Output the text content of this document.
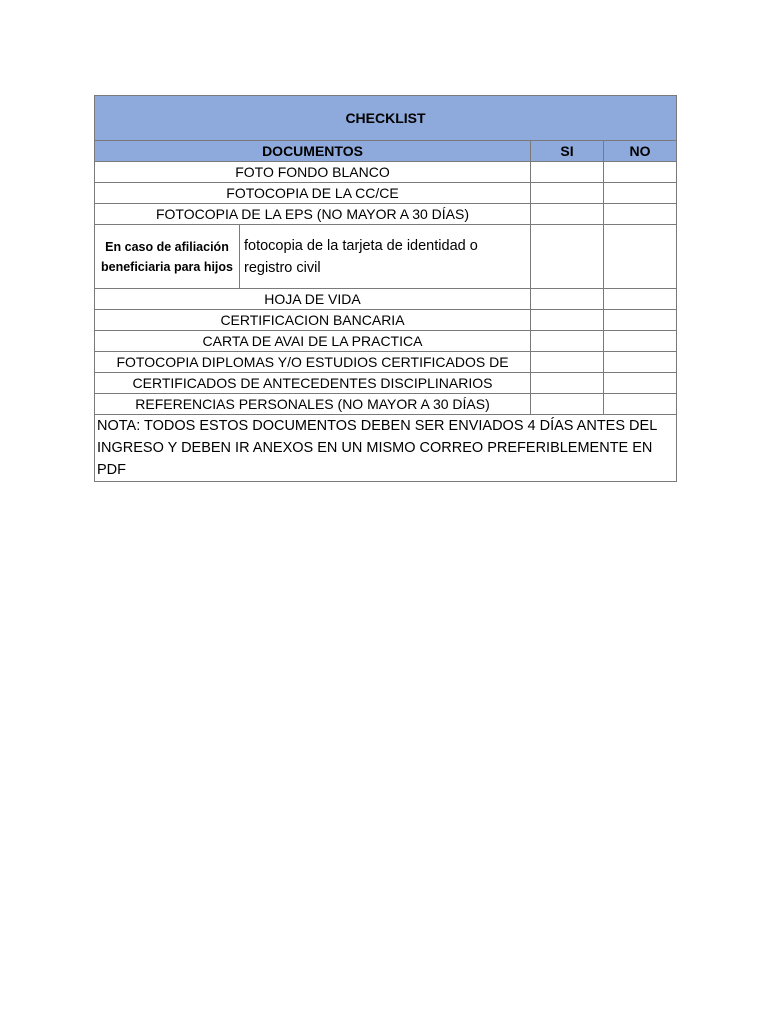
CHECKLIST			
DOCUMENTOS		SI	NO
FOTO FONDO BLANCO			
FOTOCOPIA DE LA CC/CE			
FOTOCOPIA DE LA EPS (NO MAYOR A 30 DÍAS)			
En caso de afiliación beneficiaria para hijos	fotocopia de la tarjeta de identidad o registro civil		
HOJA DE VIDA			
CERTIFICACION BANCARIA			
CARTA DE AVAI DE LA PRACTICA			
FOTOCOPIA DIPLOMAS Y/O ESTUDIOS CERTIFICADOS DE			
CERTIFICADOS DE ANTECEDENTES DISCIPLINARIOS			
REFERENCIAS PERSONALES (NO MAYOR A 30 DÍAS)			
NOTA: TODOS ESTOS DOCUMENTOS DEBEN SER ENVIADOS 4 DÍAS ANTES DEL INGRESO Y DEBEN IR ANEXOS EN UN MISMO CORREO PREFERIBLEMENTE EN PDF			
